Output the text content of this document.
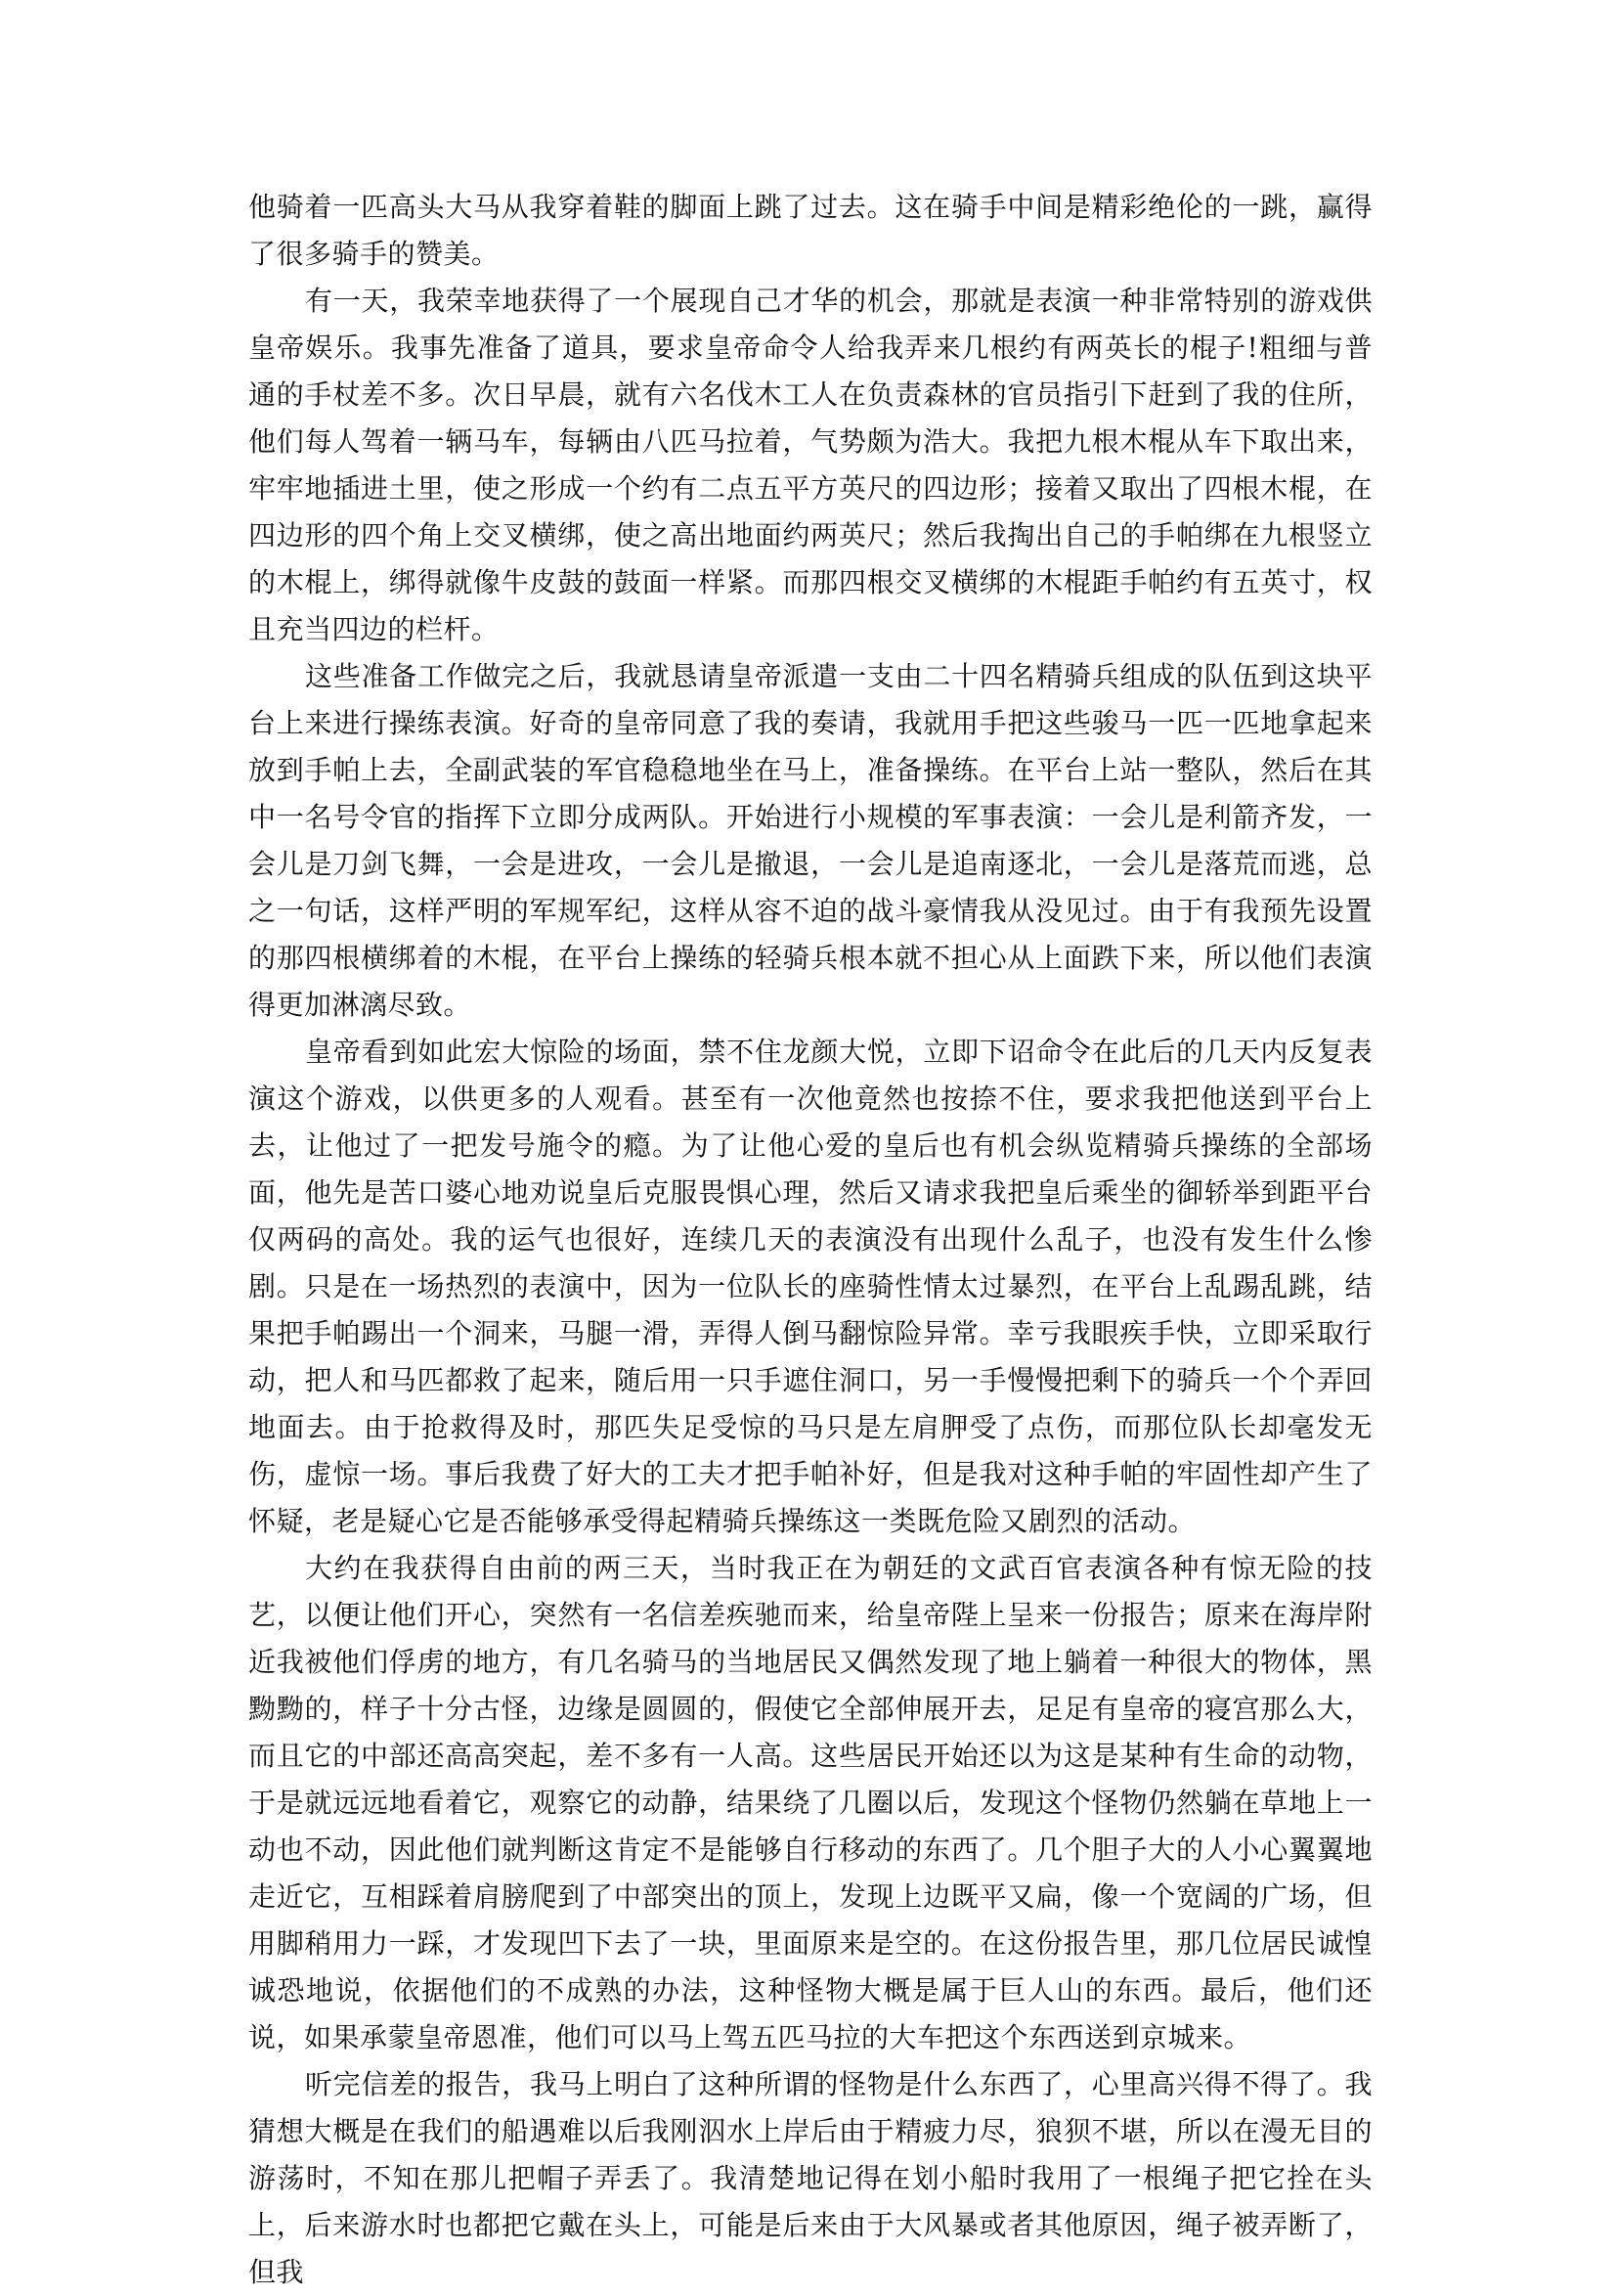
他骑着一匹高头大马从我穿着鞋的脚面上跳了过去。这在骑手中间是精彩绝伦的一跳，赢得了很多骑手的赞美。

有一天，我荣幸地获得了一个展现自己才华的机会，那就是表演一种非常特别的游戏供皇帝娱乐。我事先准备了道具，要求皇帝命令人给我弄来几根约有两英长的棍子!粗细与普通的手杖差不多。次日早晨，就有六名伐木工人在负责森林的官员指引下赶到了我的住所，他们每人驾着一辆马车，每辆由八匹马拉着，气势颇为浩大。我把九根木棍从车下取出来，牢牢地插进土里，使之形成一个约有二点五平方英尺的四边形；接着又取出了四根木棍，在四边形的四个角上交叉横绑，使之高出地面约两英尺；然后我掏出自己的手帕绑在九根竖立的木棍上，绑得就像牛皮鼓的鼓面一样紧。而那四根交叉横绑的木棍距手帕约有五英寸，权且充当四边的栏杆。

这些准备工作做完之后，我就恳请皇帝派遣一支由二十四名精骑兵组成的队伍到这块平台上来进行操练表演。好奇的皇帝同意了我的奏请，我就用手把这些骏马一匹一匹地拿起来放到手帕上去，全副武装的军官稳稳地坐在马上，准备操练。在平台上站一整队，然后在其中一名号令官的指挥下立即分成两队。开始进行小规模的军事表演：一会儿是利箭齐发，一会儿是刀剑飞舞，一会是进攻，一会儿是撤退，一会儿是追南逐北，一会儿是落荒而逃，总之一句话，这样严明的军规军纪，这样从容不迫的战斗豪情我从没见过。由于有我预先设置的那四根横绑着的木棍，在平台上操练的轻骑兵根本就不担心从上面跌下来，所以他们表演得更加淋漓尽致。

皇帝看到如此宏大惊险的场面，禁不住龙颜大悦，立即下诏命令在此后的几天内反复表演这个游戏，以供更多的人观看。甚至有一次他竟然也按捺不住，要求我把他送到平台上去，让他过了一把发号施令的瘾。为了让他心爱的皇后也有机会纵览精骑兵操练的全部场面，他先是苦口婆心地劝说皇后克服畏惧心理，然后又请求我把皇后乘坐的御轿举到距平台仅两码的高处。我的运气也很好，连续几天的表演没有出现什么乱子，也没有发生什么惨剧。只是在一场热烈的表演中，因为一位队长的座骑性情太过暴烈，在平台上乱踢乱跳，结果把手帕踢出一个洞来，马腿一滑，弄得人倒马翻惊险异常。幸亏我眼疾手快，立即采取行动，把人和马匹都救了起来，随后用一只手遮住洞口，另一手慢慢把剩下的骑兵一个个弄回地面去。由于抢救得及时，那匹失足受惊的马只是左肩胛受了点伤，而那位队长却毫发无伤，虚惊一场。事后我费了好大的工夫才把手帕补好，但是我对这种手帕的牢固性却产生了怀疑，老是疑心它是否能够承受得起精骑兵操练这一类既危险又剧烈的活动。

大约在我获得自由前的两三天，当时我正在为朝廷的文武百官表演各种有惊无险的技艺，以便让他们开心，突然有一名信差疾驰而来，给皇帝陛上呈来一份报告；原来在海岸附近我被他们俘虏的地方，有几名骑马的当地居民又偶然发现了地上躺着一种很大的物体，黑黝黝的，样子十分古怪，边缘是圆圆的，假使它全部伸展开去，足足有皇帝的寝宫那么大，而且它的中部还高高突起，差不多有一人高。这些居民开始还以为这是某种有生命的动物，于是就远远地看着它，观察它的动静，结果绕了几圈以后，发现这个怪物仍然躺在草地上一动也不动，因此他们就判断这肯定不是能够自行移动的东西了。几个胆子大的人小心翼翼地走近它，互相踩着肩膀爬到了中部突出的顶上，发现上边既平又扁，像一个宽阔的广场，但用脚稍用力一踩，才发现凹下去了一块，里面原来是空的。在这份报告里，那几位居民诚惶诚恐地说，依据他们的不成熟的办法，这种怪物大概是属于巨人山的东西。最后，他们还说，如果承蒙皇帝恩准，他们可以马上驾五匹马拉的大车把这个东西送到京城来。

听完信差的报告，我马上明白了这种所谓的怪物是什么东西了，心里高兴得不得了。我猜想大概是在我们的船遇难以后我刚泅水上岸后由于精疲力尽，狼狈不堪，所以在漫无目的游荡时，不知在那儿把帽子弄丢了。我清楚地记得在划小船时我用了一根绳子把它拴在头上，后来游水时也都把它戴在头上，可能是后来由于大风暴或者其他原因，绳子被弄断了，但我
